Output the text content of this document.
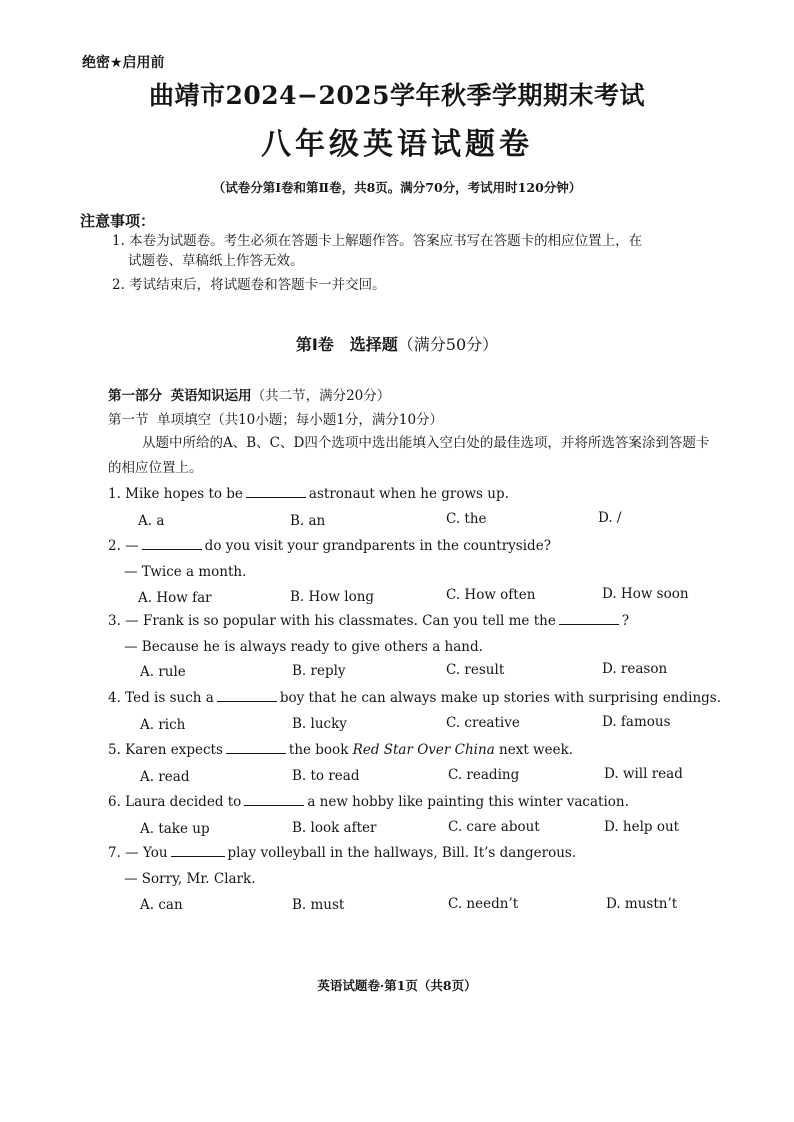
绝密★启用前
曲靖市2024−2025学年秋季学期期末考试
八年级英语试题卷
（试卷分第Ⅰ卷和第Ⅱ卷，共8页。满分70分，考试用时120分钟）
注意事项：
1. 本卷为试题卷。考生必须在答题卡上解题作答。答案应书写在答题卡的相应位置上，在
试题卷、草稿纸上作答无效。
2. 考试结束后，将试题卷和答题卡一并交回。
第Ⅰ卷　选择题（满分50分）
第一部分 英语知识运用（共二节，满分20分）
第一节 单项填空（共10小题；每小题1分，满分10分）
从题中所给的A、B、C、D四个选项中选出能填入空白处的最佳选项，并将所选答案涂到答题卡的相应位置上。
1. Mike hopes to be	astronaut when he grows up.
A. a	B. an	C. the	D. /
2. —	do you visit your grandparents in the countryside?
— Twice a month.
A. How far	B. How long	C. How often	D. How soon
3. — Frank is so popular with his classmates. Can you tell me the	?
— Because he is always ready to give others a hand.
A. rule	B. reply	C. result	D. reason
4. Ted is such a	boy that he can always make up stories with surprising endings.
A. rich	B. lucky	C. creative	D. famous
5. Karen expects	the book Red Star Over China next week.
A. read	B. to read	C. reading	D. will read
6. Laura decided to	a new hobby like painting this winter vacation.
A. take up	B. look after	C. care about	D. help out
7. — You	play volleyball in the hallways, Bill. It’s dangerous.
— Sorry, Mr. Clark.
A. can	B. must	C. needn’t	D. mustn’t
英语试题卷·第1页（共8页）
